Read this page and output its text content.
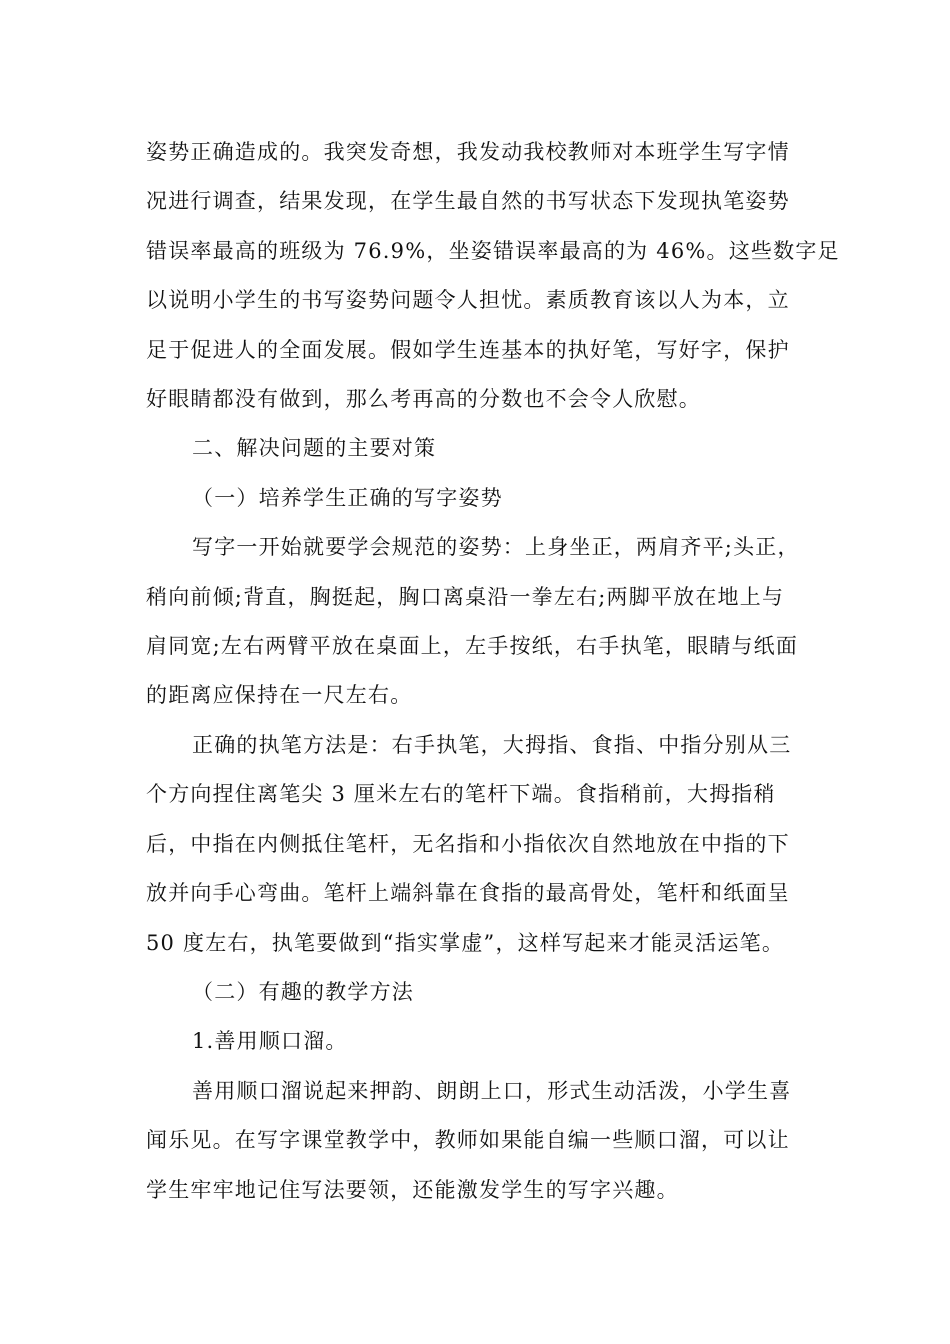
姿势正确造成的。我突发奇想，我发动我校教师对本班学生写字情
况进行调查，结果发现，在学生最自然的书写状态下发现执笔姿势
错误率最高的班级为 76.9%，坐姿错误率最高的为 46%。这些数字足
以说明小学生的书写姿势问题令人担忧。素质教育该以人为本，立
足于促进人的全面发展。假如学生连基本的执好笔，写好字，保护
好眼睛都没有做到，那么考再高的分数也不会令人欣慰。

二、解决问题的主要对策

（一）培养学生正确的写字姿势

写字一开始就要学会规范的姿势：上身坐正，两肩齐平;头正，
稍向前倾;背直，胸挺起，胸口离桌沿一拳左右;两脚平放在地上与
肩同宽;左右两臂平放在桌面上，左手按纸，右手执笔，眼睛与纸面
的距离应保持在一尺左右。

正确的执笔方法是：右手执笔，大拇指、食指、中指分别从三
个方向捏住离笔尖 3 厘米左右的笔杆下端。食指稍前，大拇指稍
后，中指在内侧抵住笔杆，无名指和小指依次自然地放在中指的下
放并向手心弯曲。笔杆上端斜靠在食指的最高骨处，笔杆和纸面呈
50 度左右，执笔要做到“指实掌虚”，这样写起来才能灵活运笔。

（二）有趣的教学方法

1.善用顺口溜。

善用顺口溜说起来押韵、朗朗上口，形式生动活泼，小学生喜
闻乐见。在写字课堂教学中，教师如果能自编一些顺口溜，可以让
学生牢牢地记住写法要领，还能激发学生的写字兴趣。
